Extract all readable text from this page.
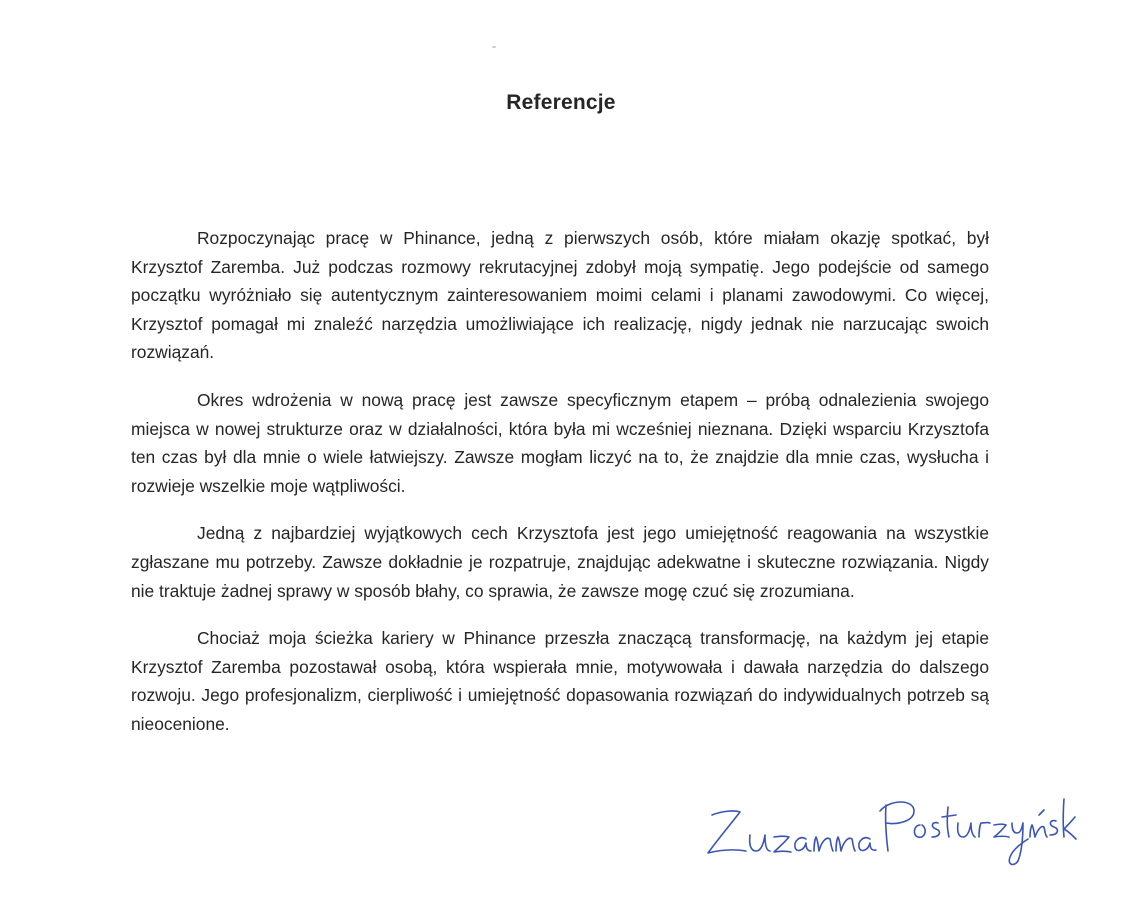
Referencje

Rozpoczynając pracę w Phinance, jedną z pierwszych osób, które miałam okazję spotkać, był Krzysztof Zaremba. Już podczas rozmowy rekrutacyjnej zdobył moją sympatię. Jego podejście od samego początku wyróżniało się autentycznym zainteresowaniem moimi celami i planami zawodowymi. Co więcej, Krzysztof pomagał mi znaleźć narzędzia umożliwiające ich realizację, nigdy jednak nie narzucając swoich rozwiązań.

Okres wdrożenia w nową pracę jest zawsze specyficznym etapem – próbą odnalezienia swojego miejsca w nowej strukturze oraz w działalności, która była mi wcześniej nieznana. Dzięki wsparciu Krzysztofa ten czas był dla mnie o wiele łatwiejszy. Zawsze mogłam liczyć na to, że znajdzie dla mnie czas, wysłucha i rozwieje wszelkie moje wątpliwości.

Jedną z najbardziej wyjątkowych cech Krzysztofa jest jego umiejętność reagowania na wszystkie zgłaszane mu potrzeby. Zawsze dokładnie je rozpatruje, znajdując adekwatne i skuteczne rozwiązania. Nigdy nie traktuje żadnej sprawy w sposób błahy, co sprawia, że zawsze mogę czuć się zrozumiana.

Chociaż moja ścieżka kariery w Phinance przeszła znaczącą transformację, na każdym jej etapie Krzysztof Zaremba pozostawał osobą, która wspierała mnie, motywowała i dawała narzędzia do dalszego rozwoju. Jego profesjonalizm, cierpliwość i umiejętność dopasowania rozwiązań do indywidualnych potrzeb są nieocenione.
